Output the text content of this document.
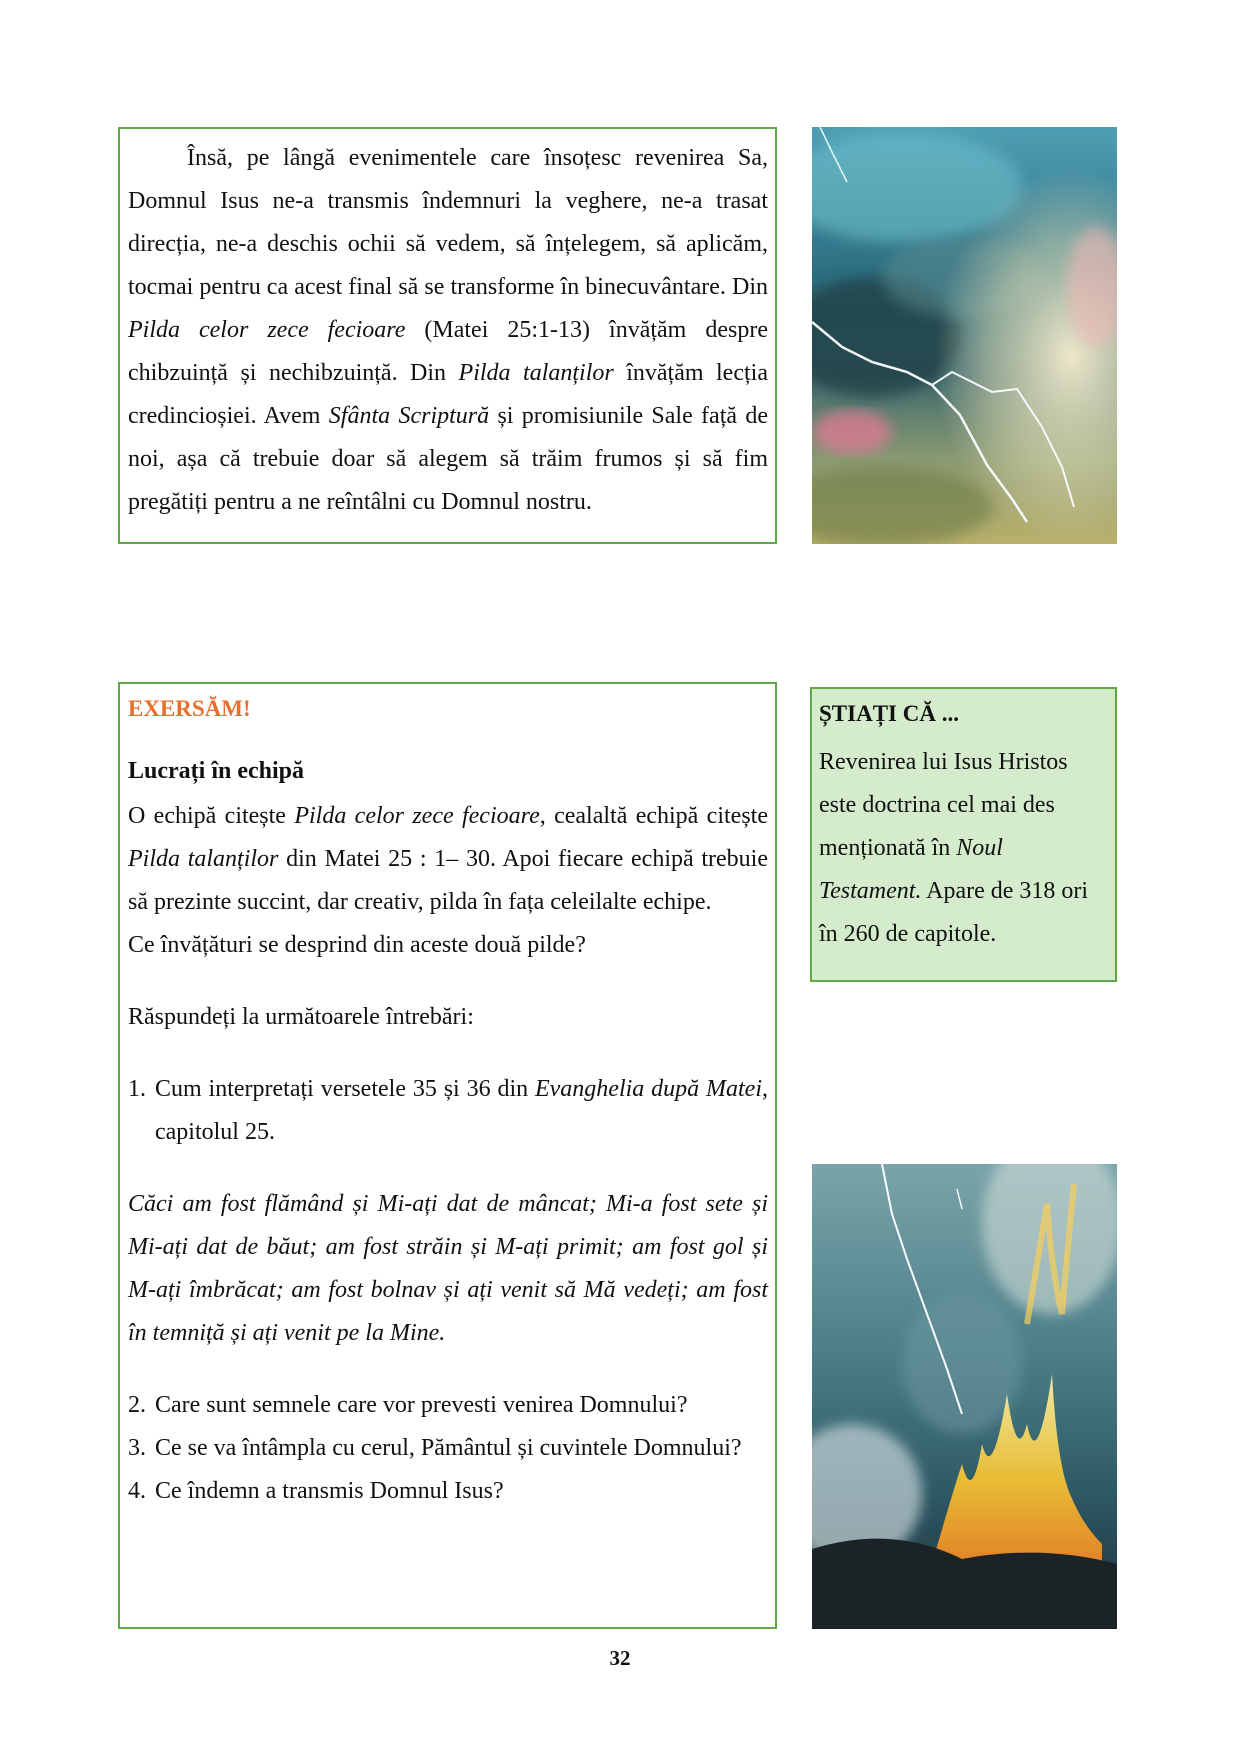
Însă, pe lângă evenimentele care însoțesc revenirea Sa, Domnul Isus ne-a transmis îndemnuri la veghere, ne-a trasat direcția, ne-a deschis ochii să vedem, să înțelegem, să aplicăm, tocmai pentru ca acest final să se transforme în binecuvântare. Din Pilda celor zece fecioare (Matei 25:1-13) învățăm despre chibzuință și nechibzuință. Din Pilda talanților învățăm lecția credincioșiei. Avem Sfânta Scriptură și promisiunile Sale față de noi, așa că trebuie doar să alegem să trăim frumos și să fim pregătiți pentru a ne reîntâlni cu Domnul nostru.

EXERSĂM!

Lucrați în echipă

O echipă citește Pilda celor zece fecioare, cealaltă echipă citește Pilda talanților din Matei 25 : 1– 30. Apoi fiecare echipă trebuie să prezinte succint, dar creativ, pilda în fața celeilalte echipe.

Ce învățături se desprind din aceste două pilde?

Răspundeți la următoarele întrebări:

1. Cum interpretați versetele 35 și 36 din Evanghelia după Matei, capitolul 25.

Căci am fost flămând și Mi-ați dat de mâncat; Mi-a fost sete și Mi-ați dat de băut; am fost străin și M-ați primit; am fost gol și M-ați îmbrăcat; am fost bolnav și ați venit să Mă vedeți; am fost în temniță și ați venit pe la Mine.

2. Care sunt semnele care vor prevesti venirea Domnului?
3. Ce se va întâmpla cu cerul, Pământul și cuvintele Domnului?
4. Ce îndemn a transmis Domnul Isus?

ȘTIAȚI CĂ ...

Revenirea lui Isus Hristos este doctrina cel mai des menționată în Noul Testament. Apare de 318 ori în 260 de capitole.

32
